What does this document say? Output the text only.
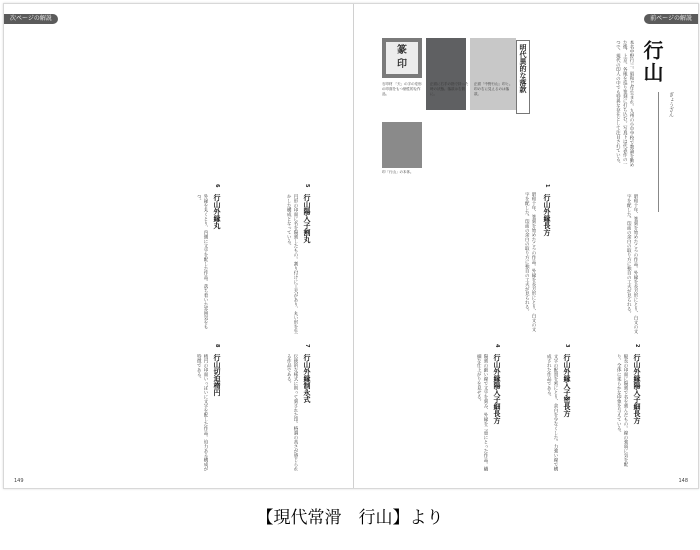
次ページの解説	前ページの解説
行山
ぎょうざん
篆
印	明代異的な落款
石印材 「天」の字の変形の印面をもつ個性的な作品。
正面に右手の指で持った時の状態。落款は右側に。
正面「中野行山」印と。印の右に見えるのは落款。
印「行山」の本体。
本名中野行三。昭和13年生まれ。九州の小中学校で教諭を勤めた後、上京。各地を巡り篆刻に打ち込む。写真下は代表作の一つで、現代の印人の中でも特異な存在として注目されている。
昭和十年、篆刻を始めたころの作品。外縁を長方形にとり、白文の文字を配した。印面の余白の取り方に独自の工夫が見られる。
1
行山外縁長方
昭和十年、篆刻を始めたころの作品。外縁を長方形にとり、白文の文字を配した。印面の余白の取り方に独自の工夫が見られる。
2
行山外縁陽入子細長方
縦長の印面に陽刻で名を刻んだもの。線の強弱に気を配り、全体に柔らかな印象を与えている。
3
行山外縁入子密長方
文字の配置を密にとり、余白を少なくした。力強い線で構成された作品である。
4
行山外縁陽入子細長方
陽刻の細い線で文字を刻み、外縁を二重にとった作品。繊細な仕上がりを見せる。
5
行山陽入子割丸
円形の印面に名を陽刻したもの。割り付けに工夫があり、丸い形を生かした構成となっている。
6
行山外縁丸
外縁を丸くとり、内側に文字を配した作品。落ち着いた雰囲気をもつ。
7
行山外縁制永式
伝統的な様式に則って刻された印。格調の高さが感じられる作品である。
8
行山切迫楕円
楕円の印面いっぱいに文字を配した作品。迫力ある構成が特徴である。
149	148
【現代常滑　行山】より
